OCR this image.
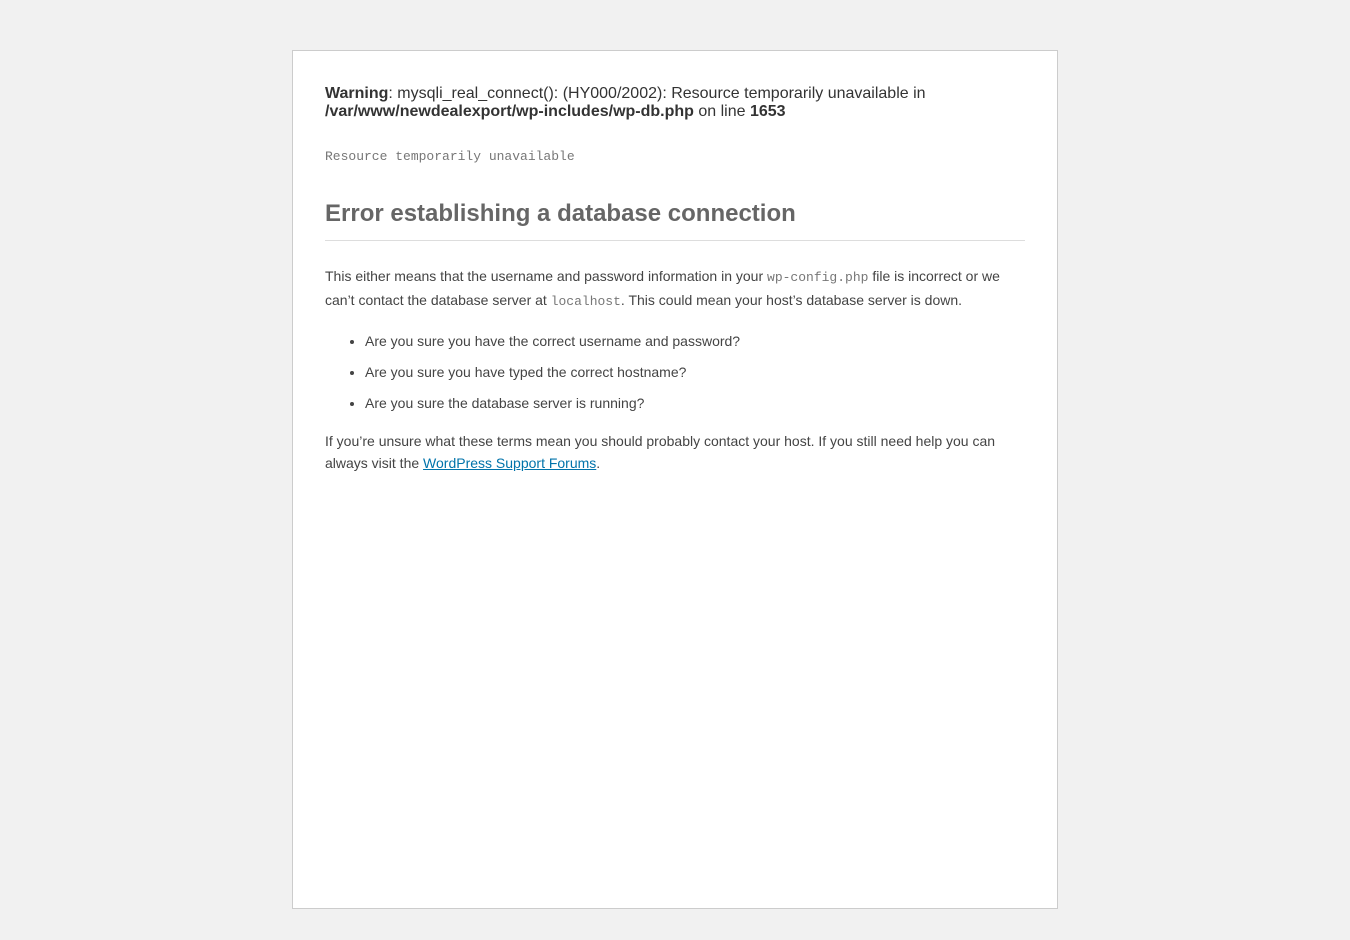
Warning: mysqli_real_connect(): (HY000/2002): Resource temporarily unavailable in
/var/www/newdealexport/wp-includes/wp-db.php on line 1653
Resource temporarily unavailable
Error establishing a database connection

This either means that the username and password information in your wp-config.php file is incorrect or we can’t contact the database server at localhost. This could mean your host’s database server is down.

• Are you sure you have the correct username and password?
• Are you sure you have typed the correct hostname?
• Are you sure the database server is running?

If you’re unsure what these terms mean you should probably contact your host. If you still need help you can always visit the WordPress Support Forums.
